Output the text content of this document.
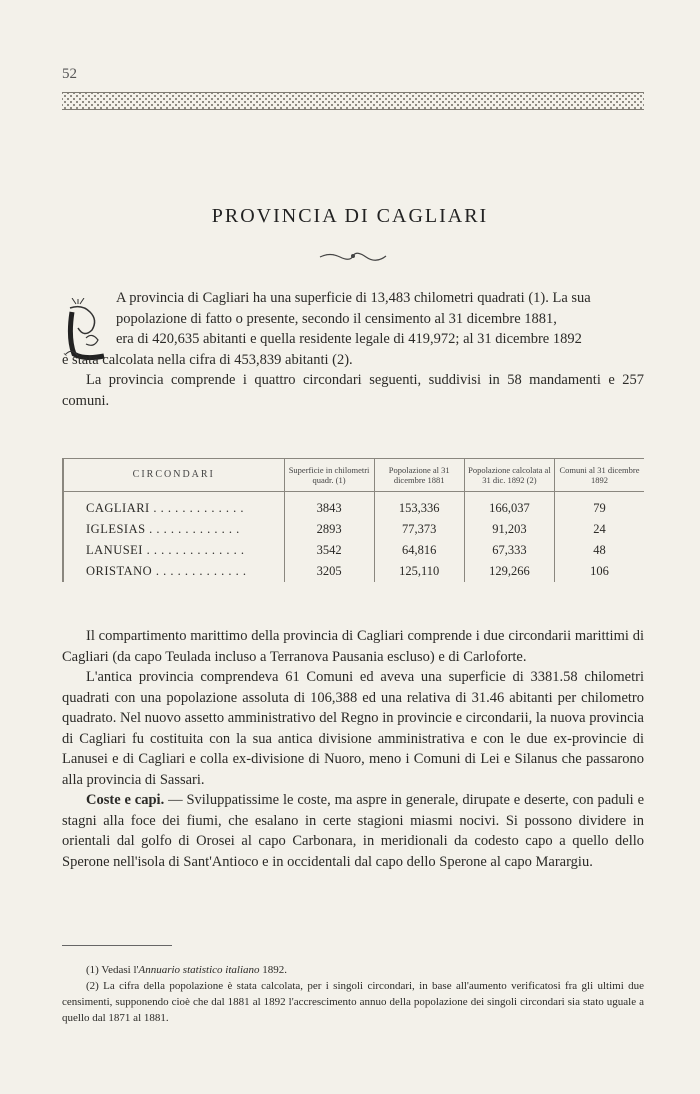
52
PROVINCIA DI CAGLIARI

A provincia di Cagliari ha una superficie di 13,483 chilometri quadrati (1). La sua

popolazione di fatto o presente, secondo il censimento al 31 dicembre 1881,

era di 420,635 abitanti e quella residente legale di 419,972; al 31 dicembre 1892

è stata calcolata nella cifra di 453,839 abitanti (2).

La provincia comprende i quattro circondari seguenti, suddivisi in 58 mandamenti e 257 comuni.

CIRCONDARI	Superficie in chilometri quadr. (1)	Popolazione al 31 dicembre 1881	Popolazione calcolata al 31 dic. 1892 (2)	Comuni al 31 dicembre 1892
CAGLIARI . . . . . . . . . . . . .	3843	153,336	166,037	79
IGLESIAS . . . . . . . . . . . . .	2893	77,373	91,203	24
LANUSEI . . . . . . . . . . . . . .	3542	64,816	67,333	48
ORISTANO . . . . . . . . . . . . .	3205	125,110	129,266	106

Il compartimento marittimo della provincia di Cagliari comprende i due circondarii marittimi di Cagliari (da capo Teulada incluso a Terranova Pausania escluso) e di Carloforte.

L'antica provincia comprendeva 61 Comuni ed aveva una superficie di 3381.58 chilometri quadrati con una popolazione assoluta di 106,388 ed una relativa di 31.46 abitanti per chilometro quadrato. Nel nuovo assetto amministrativo del Regno in provincie e circondarii, la nuova provincia di Cagliari fu costituita con la sua antica divisione amministrativa e con le due ex-provincie di Lanusei e di Cagliari e colla ex-divisione di Nuoro, meno i Comuni di Lei e Silanus che passarono alla provincia di Sassari.

Coste e capi. — Sviluppatissime le coste, ma aspre in generale, dirupate e deserte, con paduli e stagni alla foce dei fiumi, che esalano in certe stagioni miasmi nocivi. Si possono dividere in orientali dal golfo di Orosei al capo Carbonara, in meridionali da codesto capo a quello dello Sperone nell'isola di Sant'Antioco e in occidentali dal capo dello Sperone al capo Marargiu.

(1) Vedasi l'Annuario statistico italiano 1892.

(2) La cifra della popolazione è stata calcolata, per i singoli circondari, in base all'aumento verificatosi fra gli ultimi due censimenti, supponendo cioè che dal 1881 al 1892 l'accrescimento annuo della popolazione dei singoli circondari sia stato uguale a quello dal 1871 al 1881.
